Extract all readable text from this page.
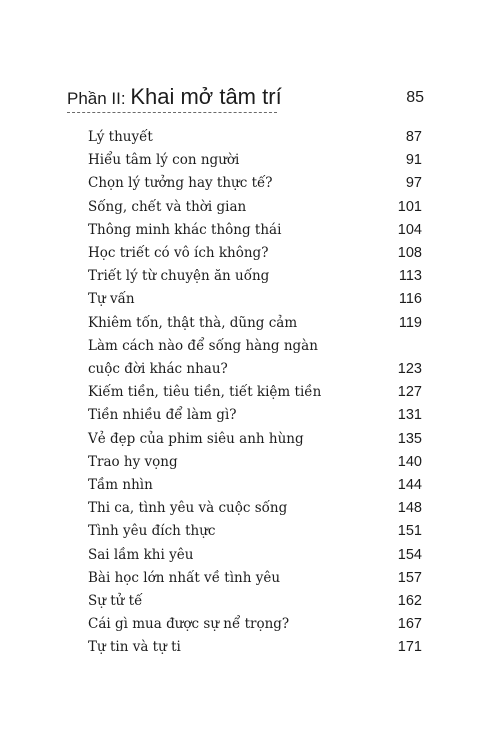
Phần II: Khai mở tâm trí	85
Lý thuyết	87
Hiểu tâm lý con người	91
Chọn lý tưởng hay thực tế?	97
Sống, chết và thời gian	101
Thông minh khác thông thái	104
Học triết có vô ích không?	108
Triết lý từ chuyện ăn uống	113
Tự vấn	116
Khiêm tốn, thật thà, dũng cảm	119
Làm cách nào để sống hàng ngàn
cuộc đời khác nhau?	123
Kiếm tiền, tiêu tiền, tiết kiệm tiền	127
Tiền nhiều để làm gì?	131
Vẻ đẹp của phim siêu anh hùng	135
Trao hy vọng	140
Tầm nhìn	144
Thi ca, tình yêu và cuộc sống	148
Tình yêu đích thực	151
Sai lầm khi yêu	154
Bài học lớn nhất về tình yêu	157
Sự tử tế	162
Cái gì mua được sự nể trọng?	167
Tự tin và tự ti	171
